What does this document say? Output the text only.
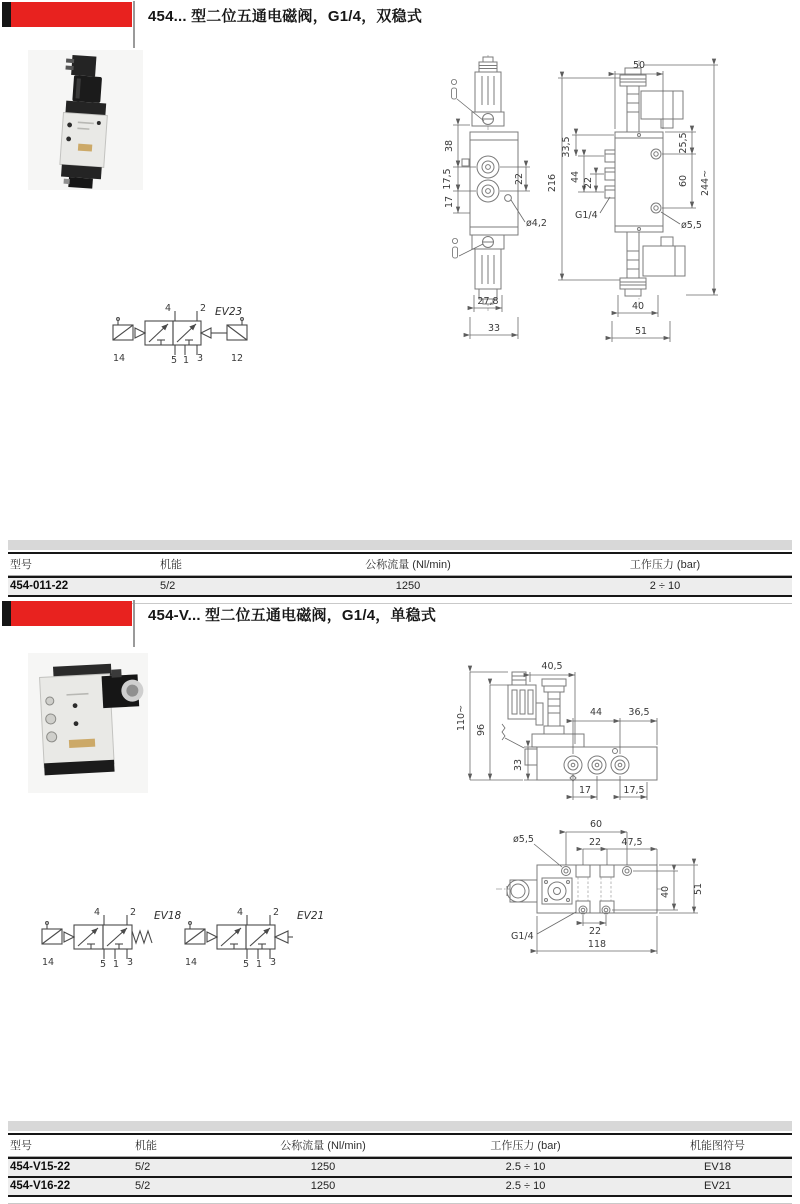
454... 型二位五通电磁阀，G1/4，双稳式
38
17,5
17
22
ø4,2
27,8
33
50
216
33,5
44 22
G1/4
25,5
60 244~
ø5,5
40
51
4	2
14	5 1 3	12
EV23
型号	机能	公称流量 (Nl/min)	工作压力 (bar)
454-011-22	5/2	1250	2 ÷ 10
454-V... 型二位五通电磁阀，G1/4，单稳式
40,5
110~ 96
44	36,5
33
17	17,5
60
ø5,5	22 47,5
40 51
22
G1/4
118
4	2
14	5 1 3
EV18	4	2
14	5 1 3
EV21
型号	机能	公称流量 (Nl/min)	工作压力 (bar)	机能图符号
454-V15-22	5/2	1250	2.5 ÷ 10	EV18
454-V16-22	5/2	1250	2.5 ÷ 10	EV21
